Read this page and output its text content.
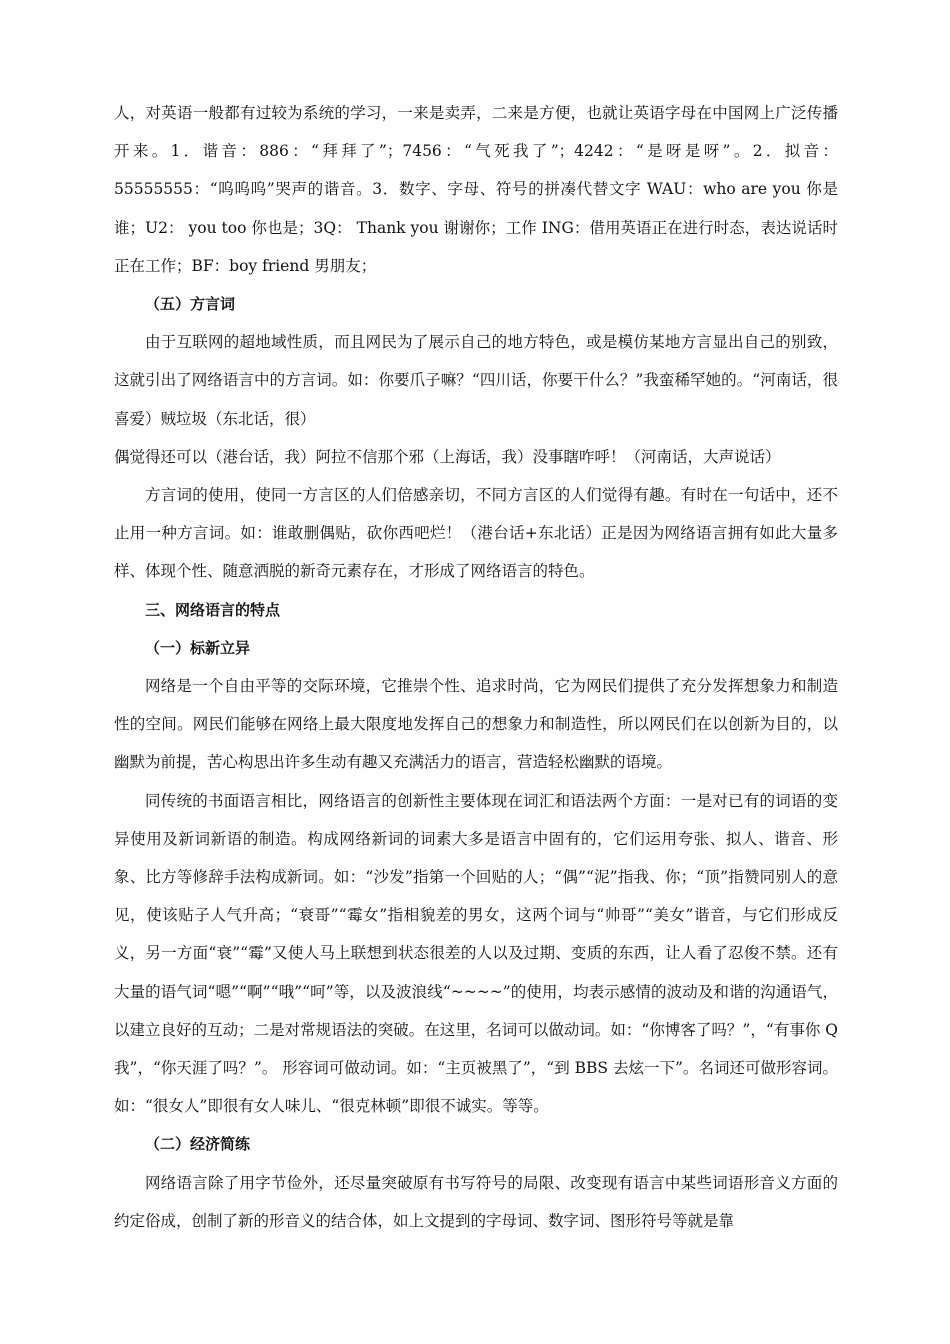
人，对英语一般都有过较为系统的学习，一来是卖弄，二来是方便，也就让英语字母在中国网上广泛传播开来。1．谐音：886：“拜拜了”；7456：“气死我了”；4242：“是呀是呀”。2．拟音：55555555：“呜呜呜”哭声的谐音。3．数字、字母、符号的拼凑代替文字 WAU：who are you 你是谁；U2： you too 你也是；3Q： Thank you 谢谢你；工作 ING：借用英语正在进行时态，表达说话时正在工作；BF：boy friend 男朋友；

（五）方言词

由于互联网的超地域性质，而且网民为了展示自己的地方特色，或是模仿某地方言显出自己的别致，这就引出了网络语言中的方言词。如：你要爪子嘛？“四川话，你要干什么？”我蛮稀罕她的。“河南话，很喜爱）贼垃圾（东北话，很）

偶觉得还可以（港台话，我）阿拉不信那个邪（上海话，我）没事瞎咋呼！（河南话，大声说话）

方言词的使用，使同一方言区的人们倍感亲切，不同方言区的人们觉得有趣。有时在一句话中，还不止用一种方言词。如：谁敢删偶贴，砍你西吧烂！（港台话+东北话）正是因为网络语言拥有如此大量多样、体现个性、随意洒脱的新奇元素存在，才形成了网络语言的特色。

三、网络语言的特点

（一）标新立异

网络是一个自由平等的交际环境，它推崇个性、追求时尚，它为网民们提供了充分发挥想象力和制造性的空间。网民们能够在网络上最大限度地发挥自己的想象力和制造性，所以网民们在以创新为目的，以幽默为前提，苦心构思出许多生动有趣又充满活力的语言，营造轻松幽默的语境。

同传统的书面语言相比，网络语言的创新性主要体现在词汇和语法两个方面：一是对已有的词语的变异使用及新词新语的制造。构成网络新词的词素大多是语言中固有的，它们运用夸张、拟人、谐音、形象、比方等修辞手法构成新词。如：“沙发”指第一个回贴的人；“偶”“泥”指我、你；“顶”指赞同别人的意见，使该贴子人气升高；“衰哥”“霉女”指相貌差的男女，这两个词与“帅哥”“美女”谐音，与它们形成反义，另一方面“衰”“霉”又使人马上联想到状态很差的人以及过期、变质的东西，让人看了忍俊不禁。还有大量的语气词“嗯”“啊”“哦”“呵”等，以及波浪线“~~~~”的使用，均表示感情的波动及和谐的沟通语气，以建立良好的互动；二是对常规语法的突破。在这里，名词可以做动词。如：“你博客了吗？”，“有事你 Q 我”，“你天涯了吗？”。 形容词可做动词。如：“主页被黑了”，“到 BBS 去炫一下”。名词还可做形容词。如：“很女人”即很有女人味儿、“很克林顿”即很不诚实。等等。

（二）经济简练

网络语言除了用字节俭外，还尽量突破原有书写符号的局限、改变现有语言中某些词语形音义方面的约定俗成，创制了新的形音义的结合体，如上文提到的字母词、数字词、图形符号等就是靠
